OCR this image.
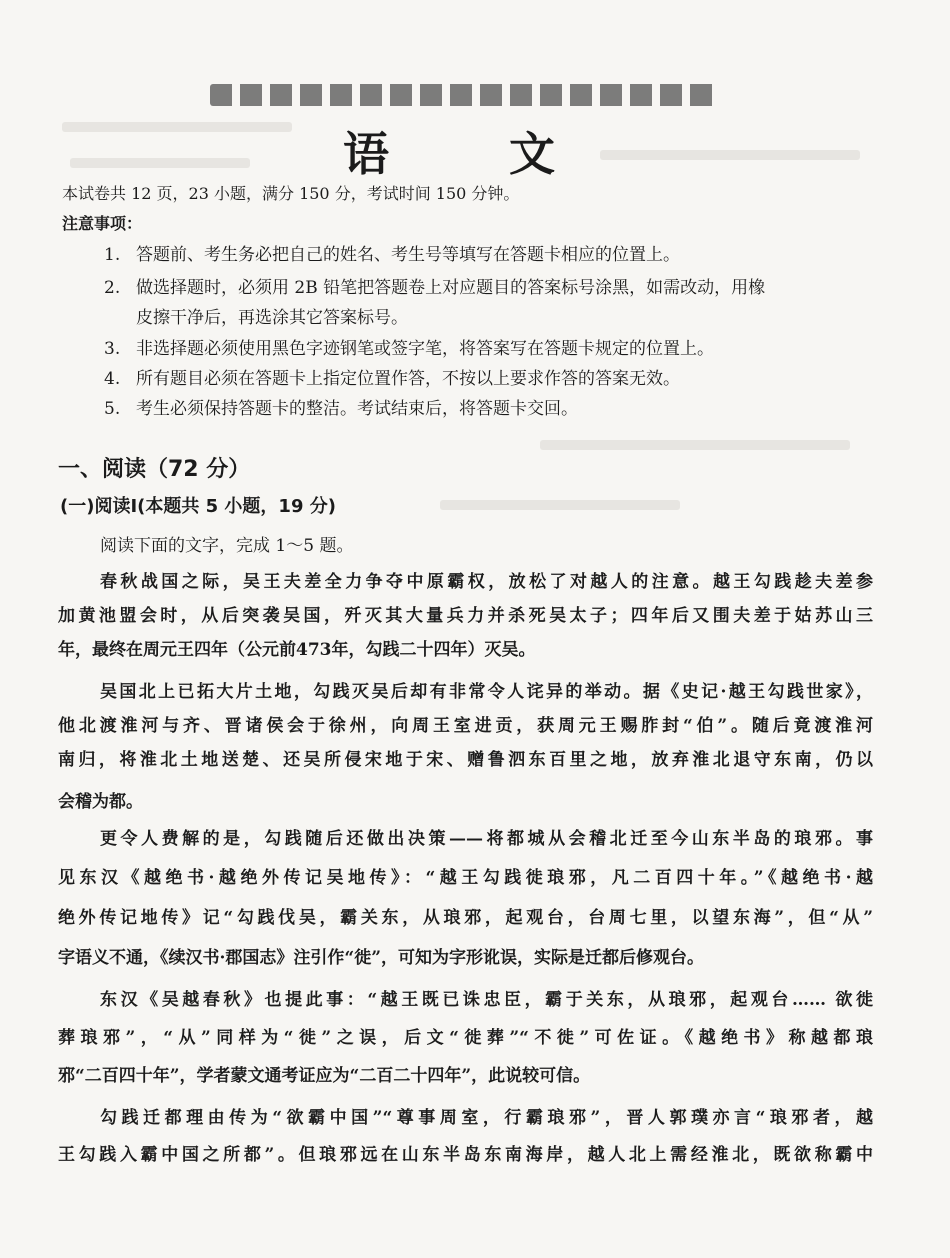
语 文
本试卷共 12 页，23 小题，满分 150 分，考试时间 150 分钟。
注意事项：
1. 答题前、考生务必把自己的姓名、考生号等填写在答题卡相应的位置上。
2. 做选择题时，必须用 2B 铅笔把答题卷上对应题目的答案标号涂黑，如需改动，用橡
皮擦干净后，再选涂其它答案标号。
3. 非选择题必须使用黑色字迹钢笔或签字笔，将答案写在答题卡规定的位置上。
4. 所有题目必须在答题卡上指定位置作答，不按以上要求作答的答案无效。
5. 考生必须保持答题卡的整洁。考试结束后，将答题卡交回。
一、阅读（72 分）
(一)阅读Ⅰ(本题共 5 小题，19 分)
阅读下面的文字，完成 1～5 题。
春秋战国之际，吴王夫差全力争夺中原霸权，放松了对越人的注意。越王勾践趁夫差参
加黄池盟会时，从后突袭吴国，歼灭其大量兵力并杀死吴太子；四年后又围夫差于姑苏山三
年，最终在周元王四年（公元前473年，勾践二十四年）灭吴。
吴国北上已拓大片土地，勾践灭吴后却有非常令人诧异的举动。据《史记·越王勾践世家》，
他北渡淮河与齐、晋诸侯会于徐州，向周王室进贡，获周元王赐胙封“伯”。随后竟渡淮河
南归，将淮北土地送楚、还吴所侵宋地于宋、赠鲁泗东百里之地，放弃淮北退守东南，仍以
会稽为都。
更令人费解的是，勾践随后还做出决策——将都城从会稽北迁至今山东半岛的琅邪。事
见东汉《越绝书·越绝外传记吴地传》：“越王勾践徙琅邪，凡二百四十年。”《越绝书·越
绝外传记地传》记“勾践伐吴，霸关东，从琅邪，起观台，台周七里，以望东海”，但“从”
字语义不通，《续汉书·郡国志》注引作“徙”，可知为字形讹误，实际是迁都后修观台。
东汉《吴越春秋》也提此事：“越王既已诛忠臣，霸于关东，从琅邪，起观台…… 欲徙
葬琅邪”，“从”同样为“徙”之误，后文“徙葬”“不徙”可佐证。《越绝书》称越都琅
邪“二百四十年”，学者蒙文通考证应为“二百二十四年”，此说较可信。
勾践迁都理由传为“欲霸中国”“尊事周室，行霸琅邪”，晋人郭璞亦言“琅邪者，越
王勾践入霸中国之所都”。但琅邪远在山东半岛东南海岸，越人北上需经淮北，既欲称霸中
